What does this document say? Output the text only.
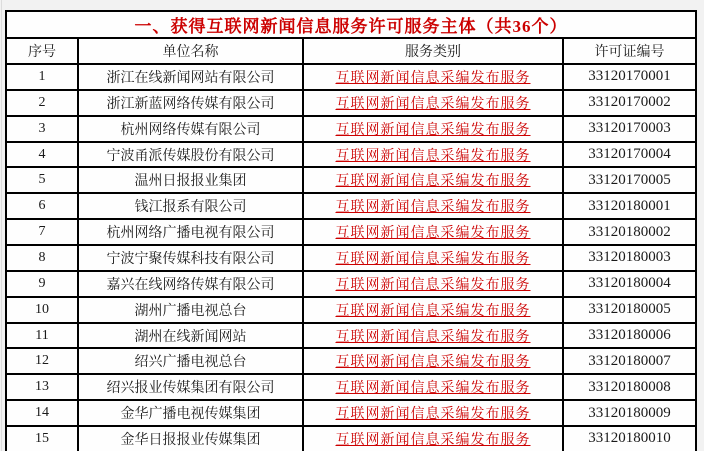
一、获得互联网新闻信息服务许可服务主体（共36个）			
序号	单位名称	服务类别	许可证编号
1	浙江在线新闻网站有限公司	互联网新闻信息采编发布服务	33120170001
2	浙江新蓝网络传媒有限公司	互联网新闻信息采编发布服务	33120170002
3	杭州网络传媒有限公司	互联网新闻信息采编发布服务	33120170003
4	宁波甬派传媒股份有限公司	互联网新闻信息采编发布服务	33120170004
5	温州日报报业集团	互联网新闻信息采编发布服务	33120170005
6	钱江报系有限公司	互联网新闻信息采编发布服务	33120180001
7	杭州网络广播电视有限公司	互联网新闻信息采编发布服务	33120180002
8	宁波宁聚传媒科技有限公司	互联网新闻信息采编发布服务	33120180003
9	嘉兴在线网络传媒有限公司	互联网新闻信息采编发布服务	33120180004
10	湖州广播电视总台	互联网新闻信息采编发布服务	33120180005
11	湖州在线新闻网站	互联网新闻信息采编发布服务	33120180006
12	绍兴广播电视总台	互联网新闻信息采编发布服务	33120180007
13	绍兴报业传媒集团有限公司	互联网新闻信息采编发布服务	33120180008
14	金华广播电视传媒集团	互联网新闻信息采编发布服务	33120180009
15	金华日报报业传媒集团	互联网新闻信息采编发布服务	33120180010
